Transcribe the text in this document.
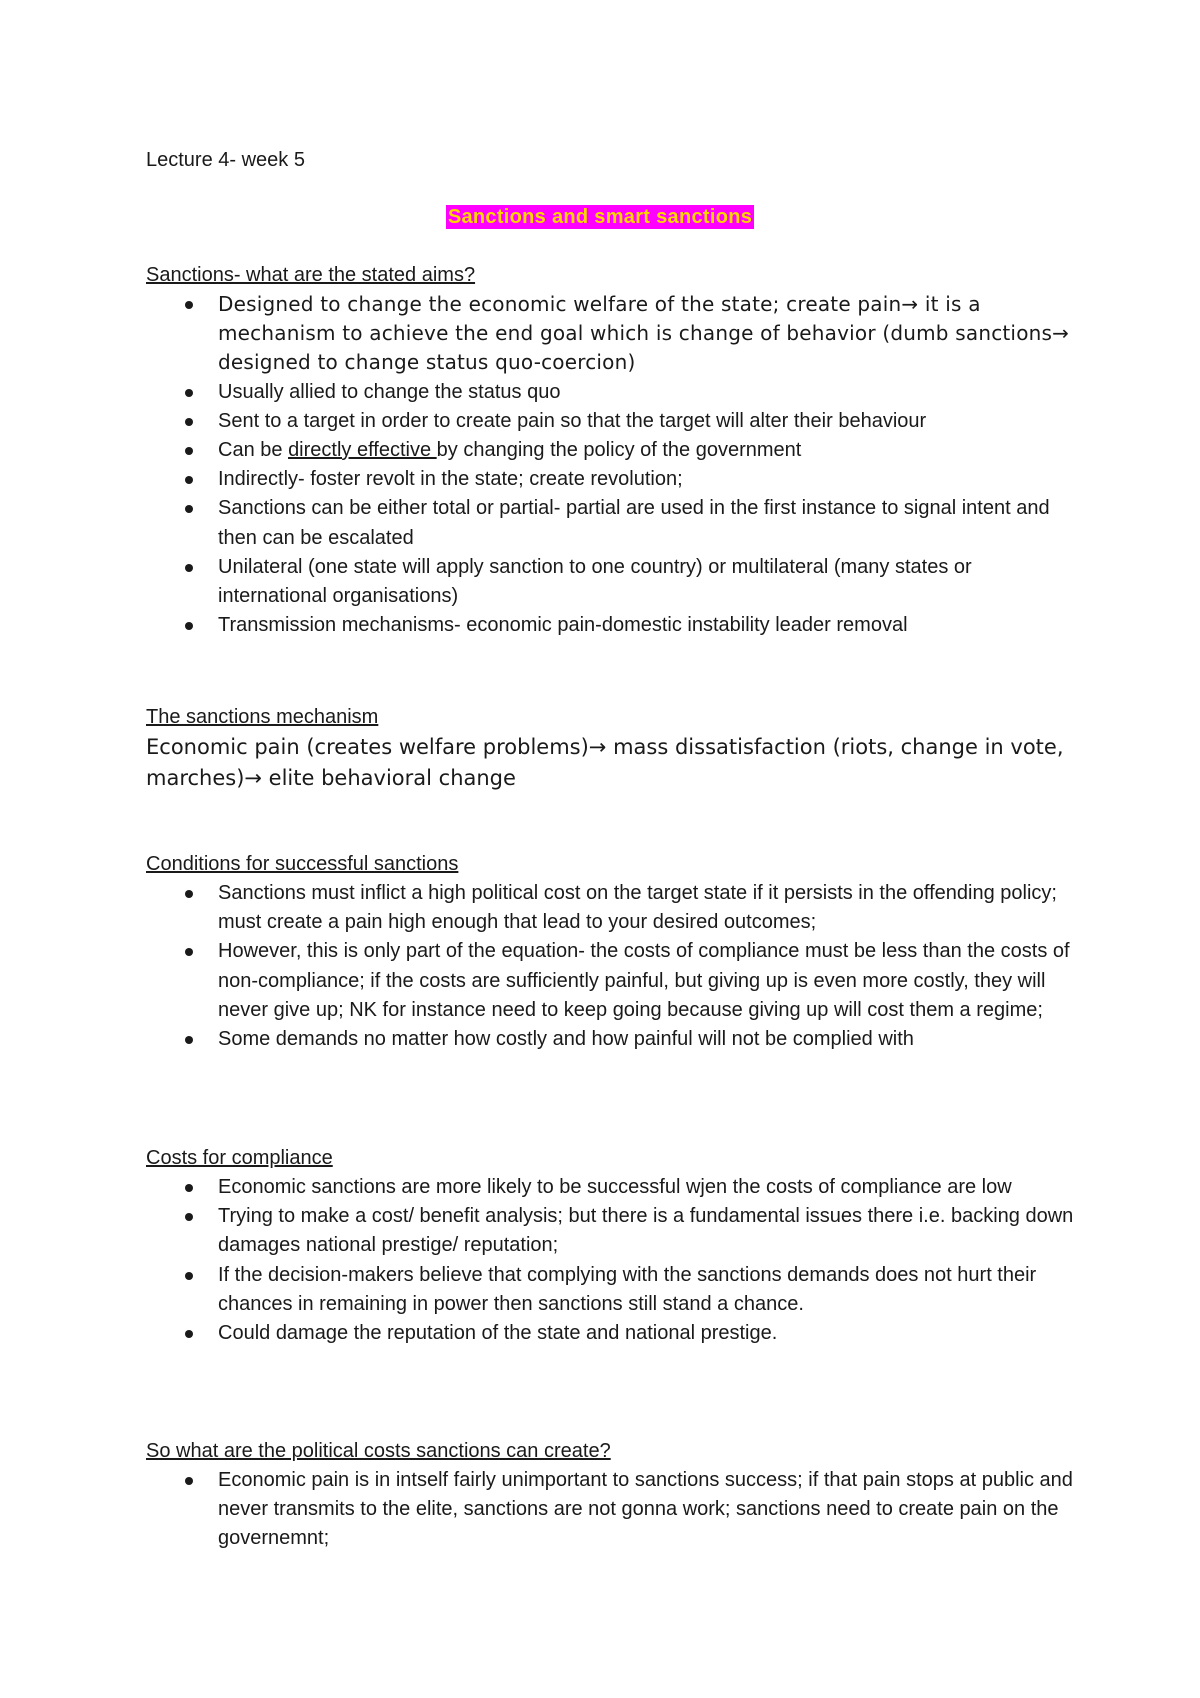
Lecture 4- week 5

Sanctions and smart sanctions

Sanctions- what are the stated aims?

Designed to change the economic welfare of the state; create pain→ it is a mechanism to achieve the end goal which is change of behavior (dumb sanctions→ designed to change status quo-coercion)
Usually allied to change the status quo
Sent to a target in order to create pain so that the target will alter their behaviour
Can be directly effective by changing the policy of the government
Indirectly- foster revolt in the state; create revolution;
Sanctions can be either total or partial- partial are used in the first instance to signal intent and then can be escalated
Unilateral (one state will apply sanction to one country) or multilateral (many states or international organisations)
Transmission mechanisms- economic pain-domestic instability leader removal

The sanctions mechanism

Economic pain (creates welfare problems)→ mass dissatisfaction (riots, change in vote, marches)→ elite behavioral change

Conditions for successful sanctions

Sanctions must inflict a high political cost on the target state if it persists in the offending policy; must create a pain high enough that lead to your desired outcomes;
However, this is only part of the equation- the costs of compliance must be less than the costs of non-compliance; if the costs are sufficiently painful, but giving up is even more costly, they will never give up; NK for instance need to keep going because giving up will cost them a regime;
Some demands no matter how costly and how painful will not be complied with

Costs for compliance

Economic sanctions are more likely to be successful wjen the costs of compliance are low
Trying to make a cost/ benefit analysis; but there is a fundamental issues there i.e. backing down damages national prestige/ reputation;
If the decision-makers believe that complying with the sanctions demands does not hurt their chances in remaining in power then sanctions still stand a chance.
Could damage the reputation of the state and national prestige.

So what are the political costs sanctions can create?

Economic pain is in intself fairly unimportant to sanctions success; if that pain stops at public and never transmits to the elite, sanctions are not gonna work; sanctions need to create pain on the governemnt;
